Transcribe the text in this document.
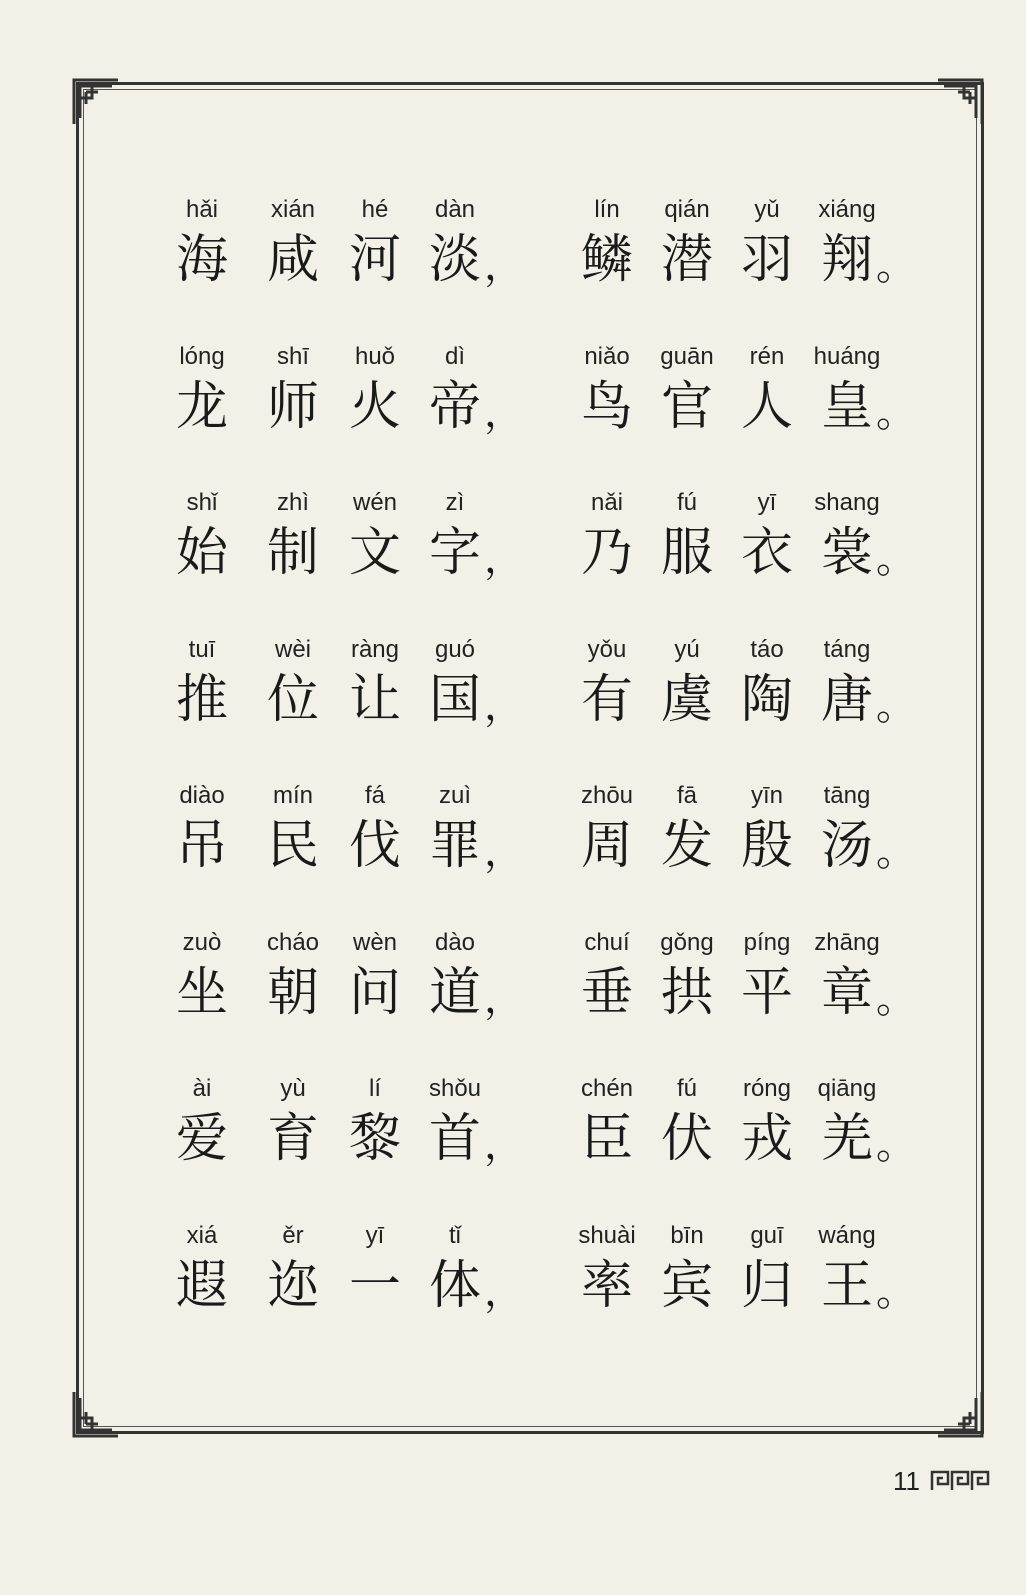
hǎi
海
xián
咸
hé
河
dàn
淡 ，
lín
鳞
qián
潜
yǔ
羽
xiáng
翔 。
lóng
龙
shī
师
huǒ
火
dì
帝 ，
niǎo
鸟
guān
官
rén
人
huáng
皇 。
shǐ
始
zhì
制
wén
文
zì
字 ，
nǎi
乃
fú
服
yī
衣
shang
裳 。
tuī
推
wèi
位
ràng
让
guó
国 ，
yǒu
有
yú
虞
táo
陶
táng
唐 。
diào
吊
mín
民
fá
伐
zuì
罪 ，
zhōu
周
fā
发
yīn
殷
tāng
汤 。
zuò
坐
cháo
朝
wèn
问
dào
道 ，
chuí
垂
gǒng
拱
píng
平
zhāng
章 。
ài
爱
yù
育
lí
黎
shǒu
首 ，
chén
臣
fú
伏
róng
戎
qiāng
羌 。
xiá
遐
ěr
迩
yī
一
tǐ
体 ，
shuài
率
bīn
宾
guī
归
wáng
王 。
11
